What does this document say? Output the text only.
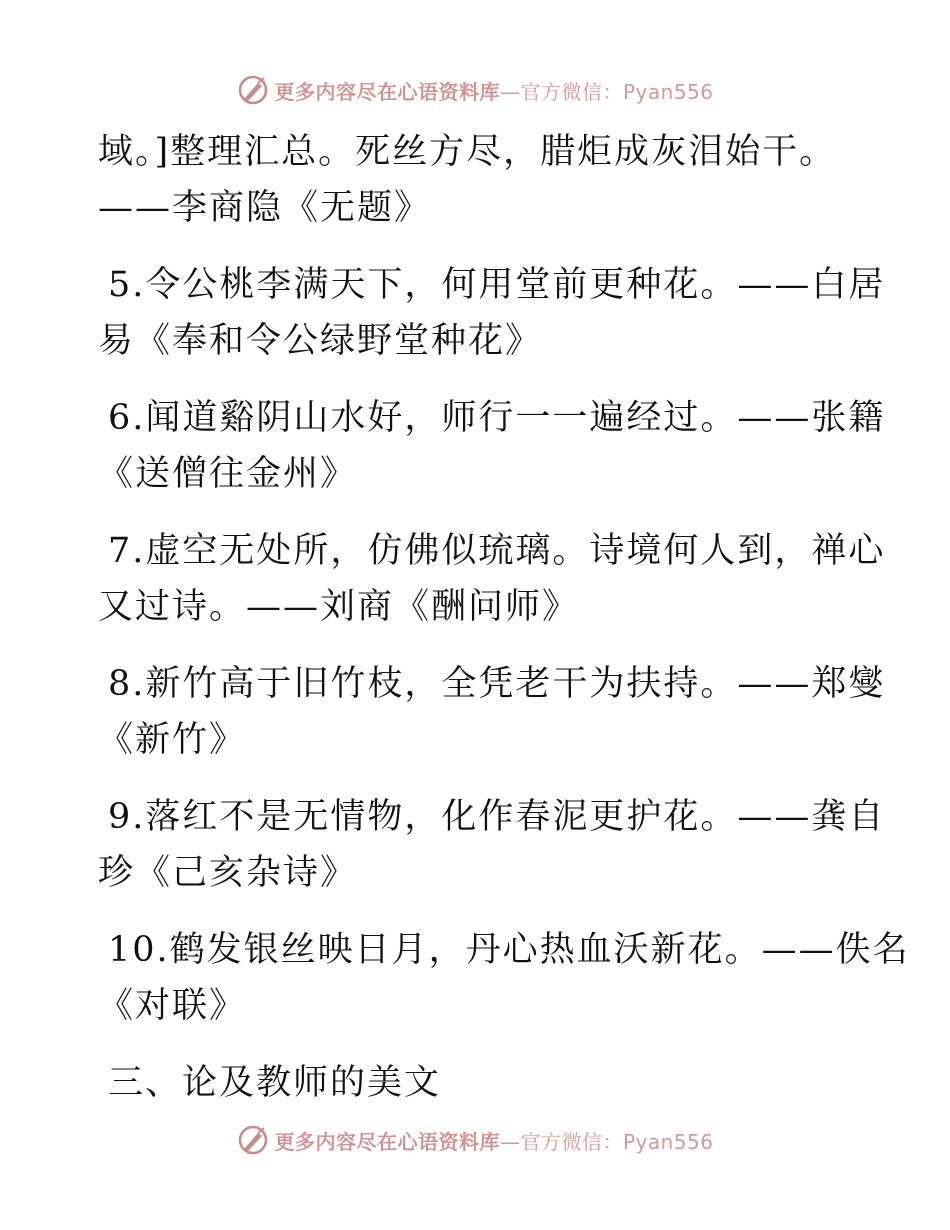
更多内容尽在心语资料库—官方微信：Pyan556
域。]整理汇总。死丝方尽，腊炬成灰泪始干。
——李商隐《无题》
5.令公桃李满天下，何用堂前更种花。——白居
易《奉和令公绿野堂种花》
6.闻道谿阴山水好，师行一一遍经过。——张籍
《送僧往金州》
7.虚空无处所，仿佛似琉璃。诗境何人到，禅心
又过诗。——刘商《酬问师》
8.新竹高于旧竹枝，全凭老干为扶持。——郑燮
《新竹》
9.落红不是无情物，化作春泥更护花。——龚自
珍《己亥杂诗》
10.鹤发银丝映日月，丹心热血沃新花。——佚名
《对联》
三、论及教师的美文
更多内容尽在心语资料库—官方微信：Pyan556
